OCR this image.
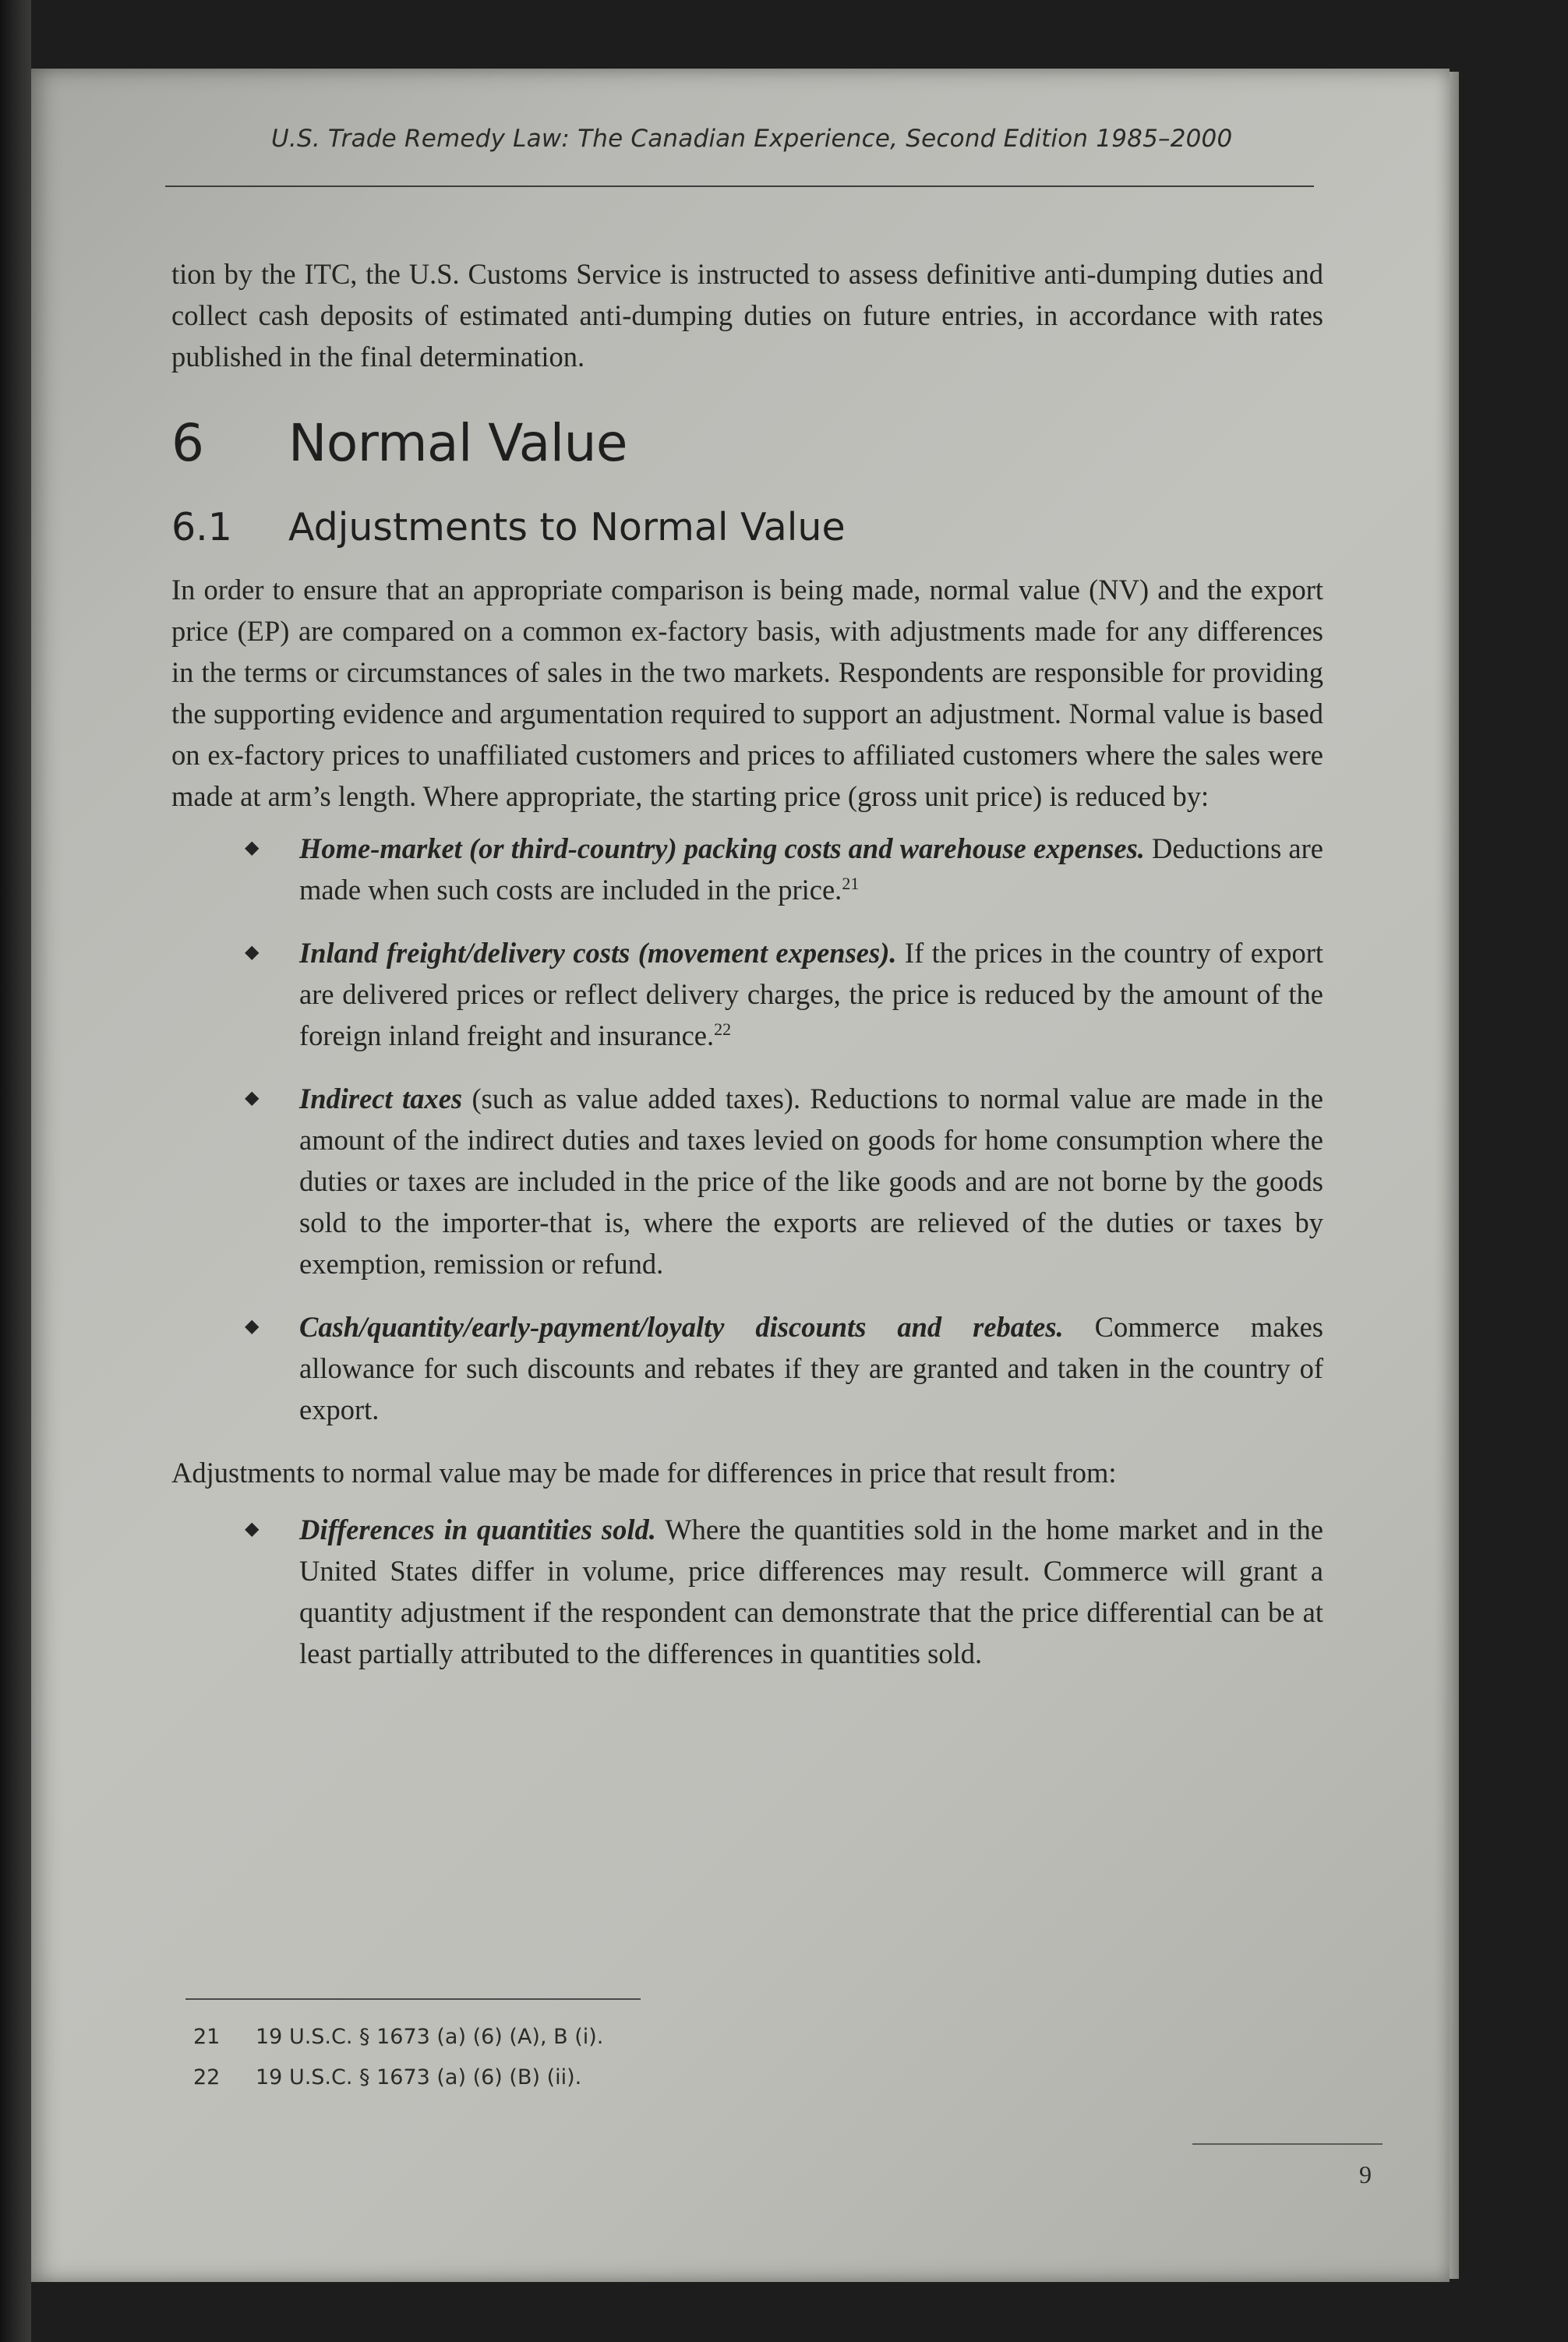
U.S. Trade Remedy Law: The Canadian Experience, Second Edition 1985–2000

tion by the ITC, the U.S. Customs Service is instructed to assess definitive anti-dumping duties and collect cash deposits of estimated anti-dumping duties on future entries, in accordance with rates published in the final determination.

6	Normal Value
6.1	Adjustments to Normal Value

In order to ensure that an appropriate comparison is being made, normal value (NV) and the export price (EP) are compared on a common ex-factory basis, with adjustments made for any differences in the terms or circumstances of sales in the two markets. Respondents are responsible for providing the supporting evidence and argumentation required to support an adjustment. Normal value is based on ex-factory prices to unaffiliated customers and prices to affiliated customers where the sales were made at arm’s length. Where appropriate, the starting price (gross unit price) is reduced by:

◆ Home-market (or third-country) packing costs and warehouse expenses. Deductions are made when such costs are included in the price.$^{21}$
◆ Inland freight/delivery costs (movement expenses). If the prices in the country of export are delivered prices or reflect delivery charges, the price is reduced by the amount of the foreign inland freight and insurance.$^{22}$
◆ Indirect taxes (such as value added taxes). Reductions to normal value are made in the amount of the indirect duties and taxes levied on goods for home consumption where the duties or taxes are included in the price of the like goods and are not borne by the goods sold to the importer-that is, where the exports are relieved of the duties or taxes by exemption, remission or refund.
◆ Cash/quantity/early-payment/loyalty discounts and rebates. Commerce makes allowance for such discounts and rebates if they are granted and taken in the country of export.

Adjustments to normal value may be made for differences in price that result from:

◆ Differences in quantities sold. Where the quantities sold in the home market and in the United States differ in volume, price differences may result. Commerce will grant a quantity adjustment if the respondent can demonstrate that the price differential can be at least partially attributed to the differences in quantities sold.
21 19 U.S.C. § 1673 (a) (6) (A), B (i).
22 19 U.S.C. § 1673 (a) (6) (B) (ii).
9
